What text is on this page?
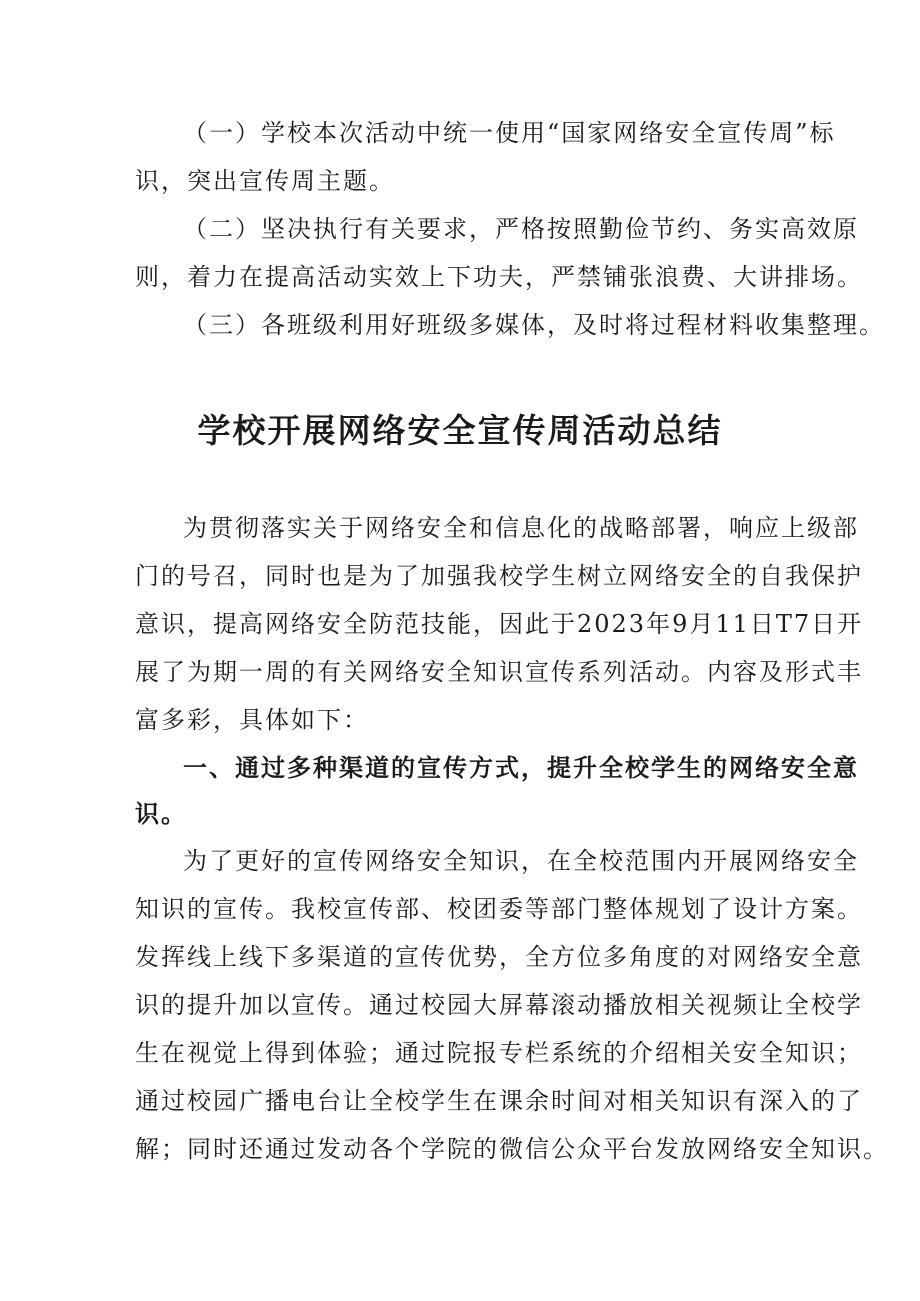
（一）学校本次活动中统一使用“国家网络安全宣传周”标

识，突出宣传周主题。

（二）坚决执行有关要求，严格按照勤俭节约、务实高效原

则，着力在提高活动实效上下功夫，严禁铺张浪费、大讲排场。

（三）各班级利用好班级多媒体，及时将过程材料收集整理。

学校开展网络安全宣传周活动总结

为贯彻落实关于网络安全和信息化的战略部署，响应上级部

门的号召，同时也是为了加强我校学生树立网络安全的自我保护

意识，提高网络安全防范技能，因此于2023年9月11日T7日开

展了为期一周的有关网络安全知识宣传系列活动。内容及形式丰

富多彩，具体如下：

一、通过多种渠道的宣传方式，提升全校学生的网络安全意

识。

为了更好的宣传网络安全知识，在全校范围内开展网络安全

知识的宣传。我校宣传部、校团委等部门整体规划了设计方案。

发挥线上线下多渠道的宣传优势，全方位多角度的对网络安全意

识的提升加以宣传。通过校园大屏幕滚动播放相关视频让全校学

生在视觉上得到体验；通过院报专栏系统的介绍相关安全知识；

通过校园广播电台让全校学生在课余时间对相关知识有深入的了

解；同时还通过发动各个学院的微信公众平台发放网络安全知识。
